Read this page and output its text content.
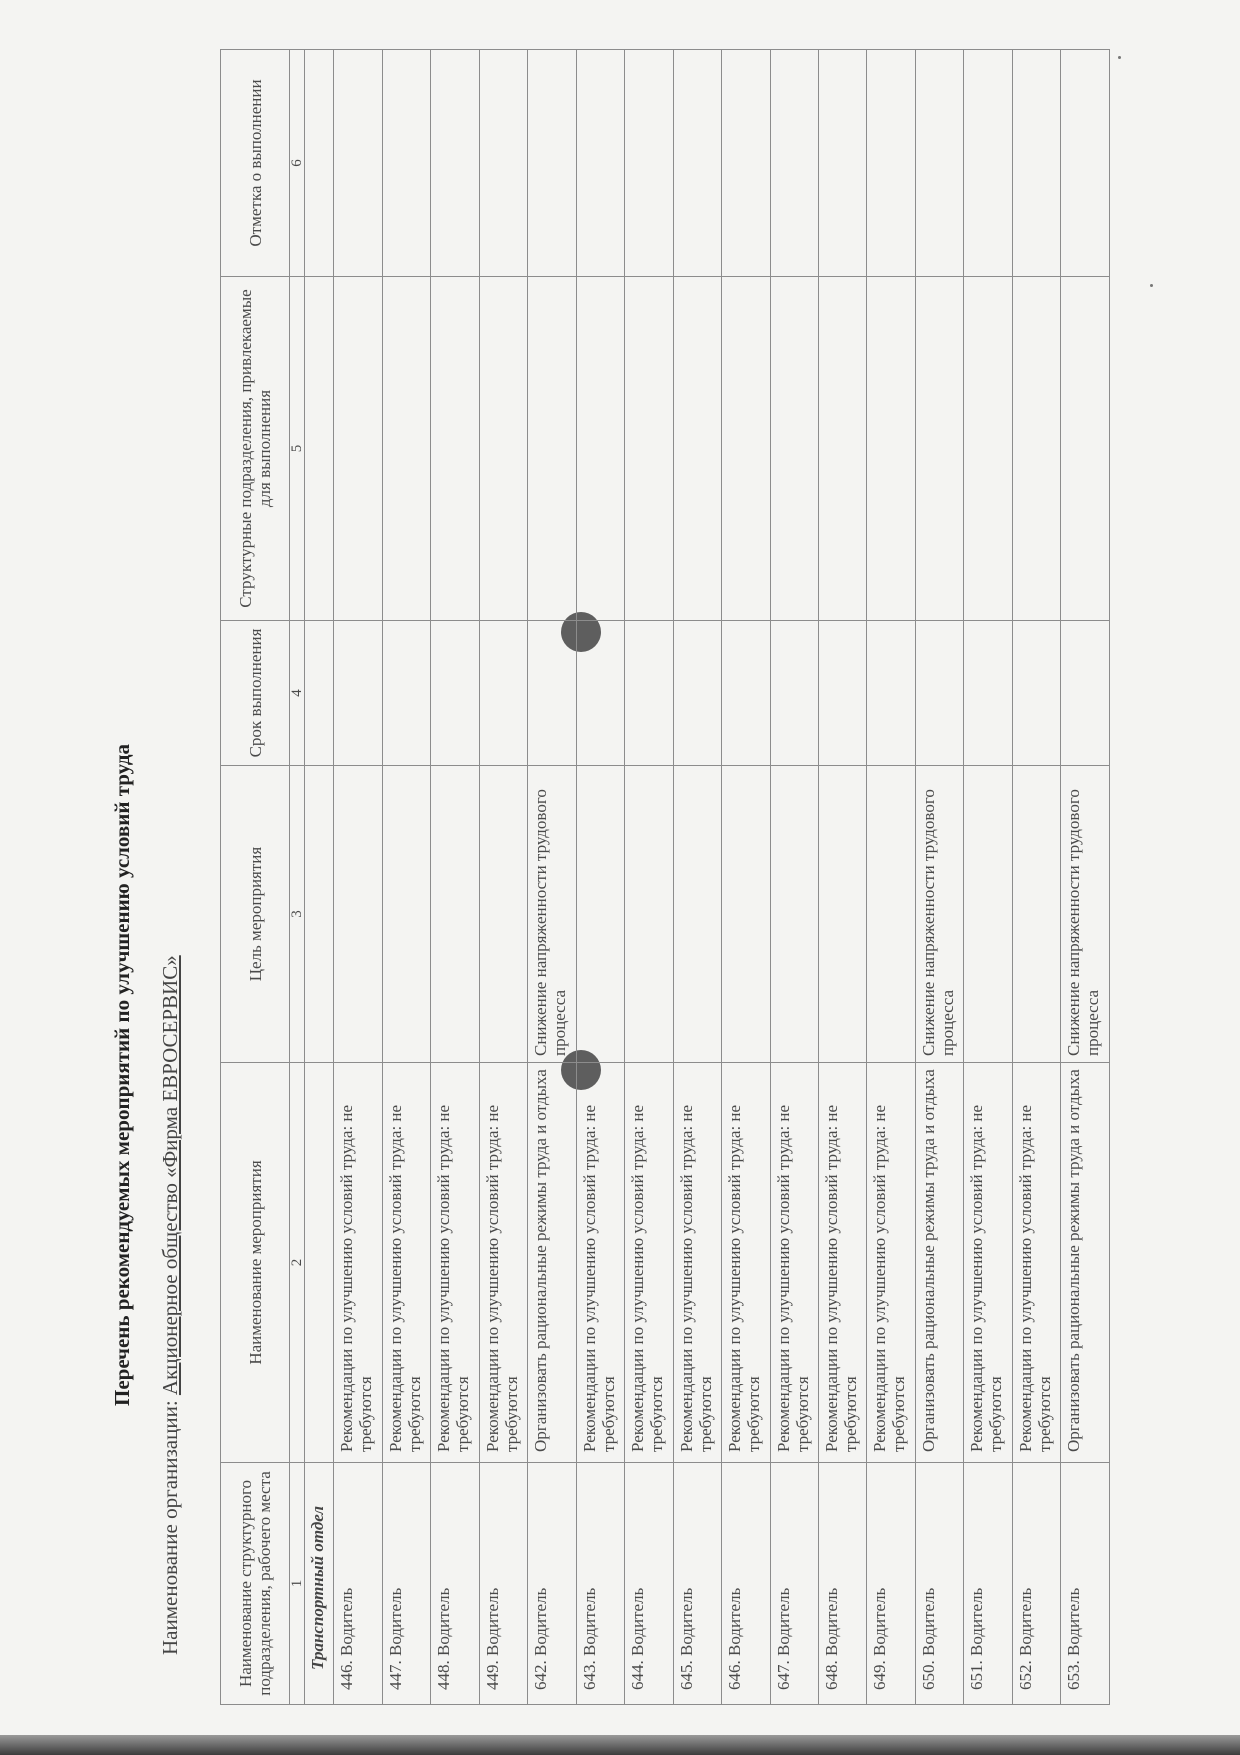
Перечень рекомендуемых мероприятий по улучшению условий труда
Наименование организации: Акционерное общество «Фирма ЕВРОСЕРВИС»
Наименование структурного подразделения, рабочего места	Наименование мероприятия	Цель мероприятия	Срок выполнения	Структурные подразделения, привлекаемые для выполнения	Отметка о выполнении
1	2	3	4	5	6
Транспортный отдел					
446. Водитель	Рекомендации по улучшению условий труда: не требуются				
447. Водитель	Рекомендации по улучшению условий труда: не требуются				
448. Водитель	Рекомендации по улучшению условий труда: не требуются				
449. Водитель	Рекомендации по улучшению условий труда: не требуются				
642. Водитель	Организовать рациональные режимы труда и отдыха	Снижение напряженности трудового процесса			
643. Водитель	Рекомендации по улучшению условий труда: не требуются				
644. Водитель	Рекомендации по улучшению условий труда: не требуются				
645. Водитель	Рекомендации по улучшению условий труда: не требуются				
646. Водитель	Рекомендации по улучшению условий труда: не требуются				
647. Водитель	Рекомендации по улучшению условий труда: не требуются				
648. Водитель	Рекомендации по улучшению условий труда: не требуются				
649. Водитель	Рекомендации по улучшению условий труда: не требуются				
650. Водитель	Организовать рациональные режимы труда и отдыха	Снижение напряженности трудового процесса			
651. Водитель	Рекомендации по улучшению условий труда: не требуются				
652. Водитель	Рекомендации по улучшению условий труда: не требуются				
653. Водитель	Организовать рациональные режимы труда и отдыха	Снижение напряженности трудового процесса			
